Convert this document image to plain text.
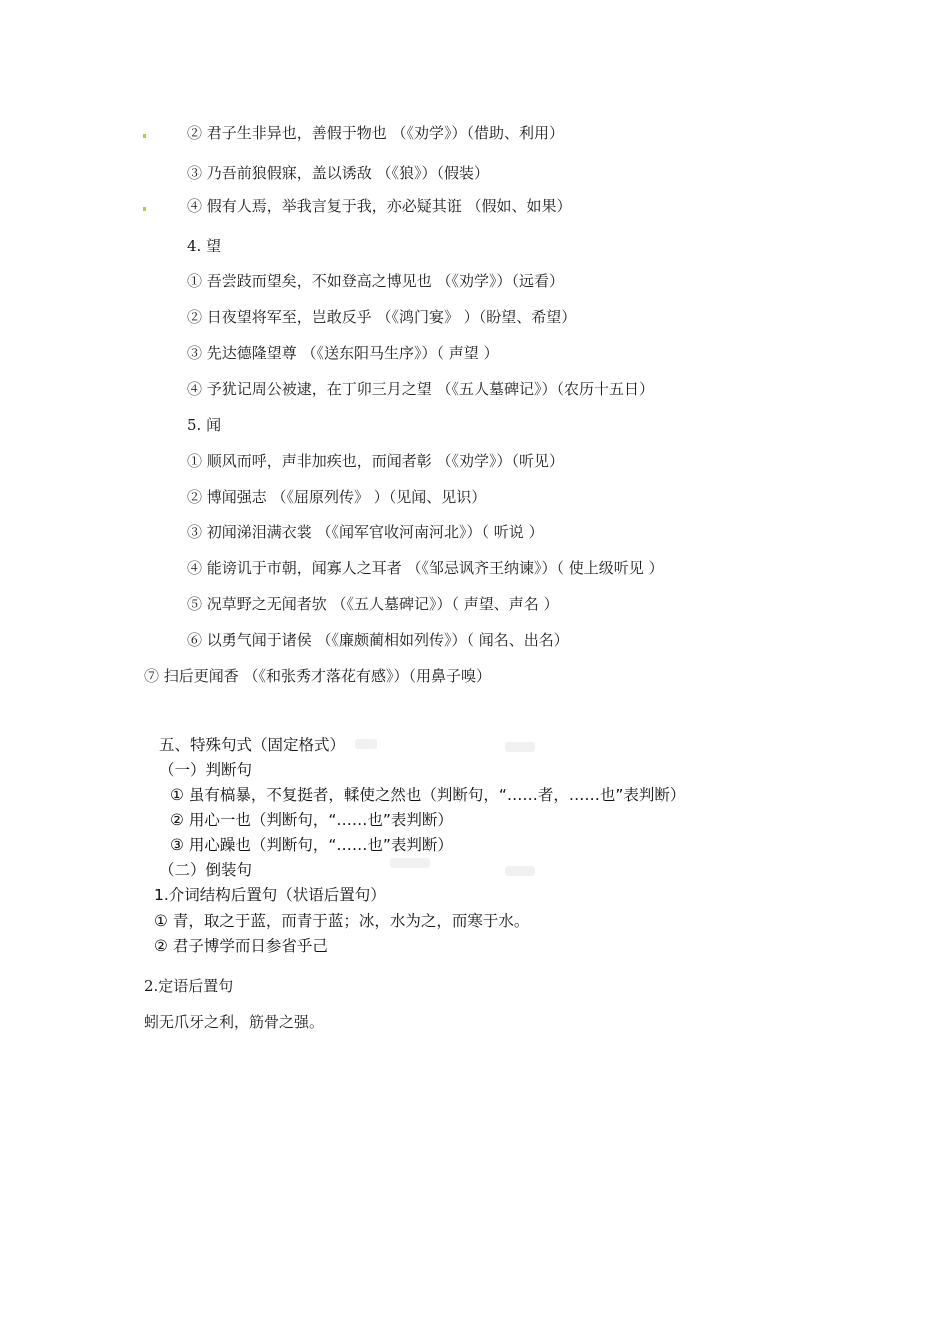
② 君子生非异也，善假于物也 （《劝学》）（借助、利用）
③ 乃吾前狼假寐，盖以诱敌 （《狼》）（假装）
④ 假有人焉，举我言复于我，亦必疑其诳 （假如、如果）
4. 望
① 吾尝跂而望矣，不如登高之博见也 （《劝学》）（远看）
② 日夜望将军至，岂敢反乎 （《鸿门宴》 ）（盼望、希望）
③ 先达德隆望尊 （《送东阳马生序》）（ 声望 ）
④ 予犹记周公被逮，在丁卯三月之望 （《五人墓碑记》）（农历十五日）
5. 闻
① 顺风而呼，声非加疾也，而闻者彰 （《劝学》）（听见）
② 博闻强志 （《屈原列传》 ）（见闻、见识）
③ 初闻涕泪满衣裳 （《闻军官收河南河北》）（ 听说 ）
④ 能谤讥于市朝，闻寡人之耳者 （《邹忌讽齐王纳谏》）（ 使上级听见 ）
⑤ 况草野之无闻者欤 （《五人墓碑记》）（ 声望、声名 ）
⑥ 以勇气闻于诸侯 （《廉颇蔺相如列传》）（ 闻名、出名）
⑦ 扫后更闻香 （《和张秀才落花有感》）（用鼻子嗅）
五、特殊句式（固定格式）
（一）判断句
① 虽有槁暴，不复挺者，輮使之然也（判断句，“……者，……也”表判断）
② 用心一也（判断句，“……也”表判断）
③ 用心躁也（判断句，“……也”表判断）
（二）倒装句
1.介词结构后置句（状语后置句）
① 青，取之于蓝，而青于蓝；冰，水为之，而寒于水。
② 君子博学而日参省乎己
2.定语后置句
蚓无爪牙之利，筋骨之强。
